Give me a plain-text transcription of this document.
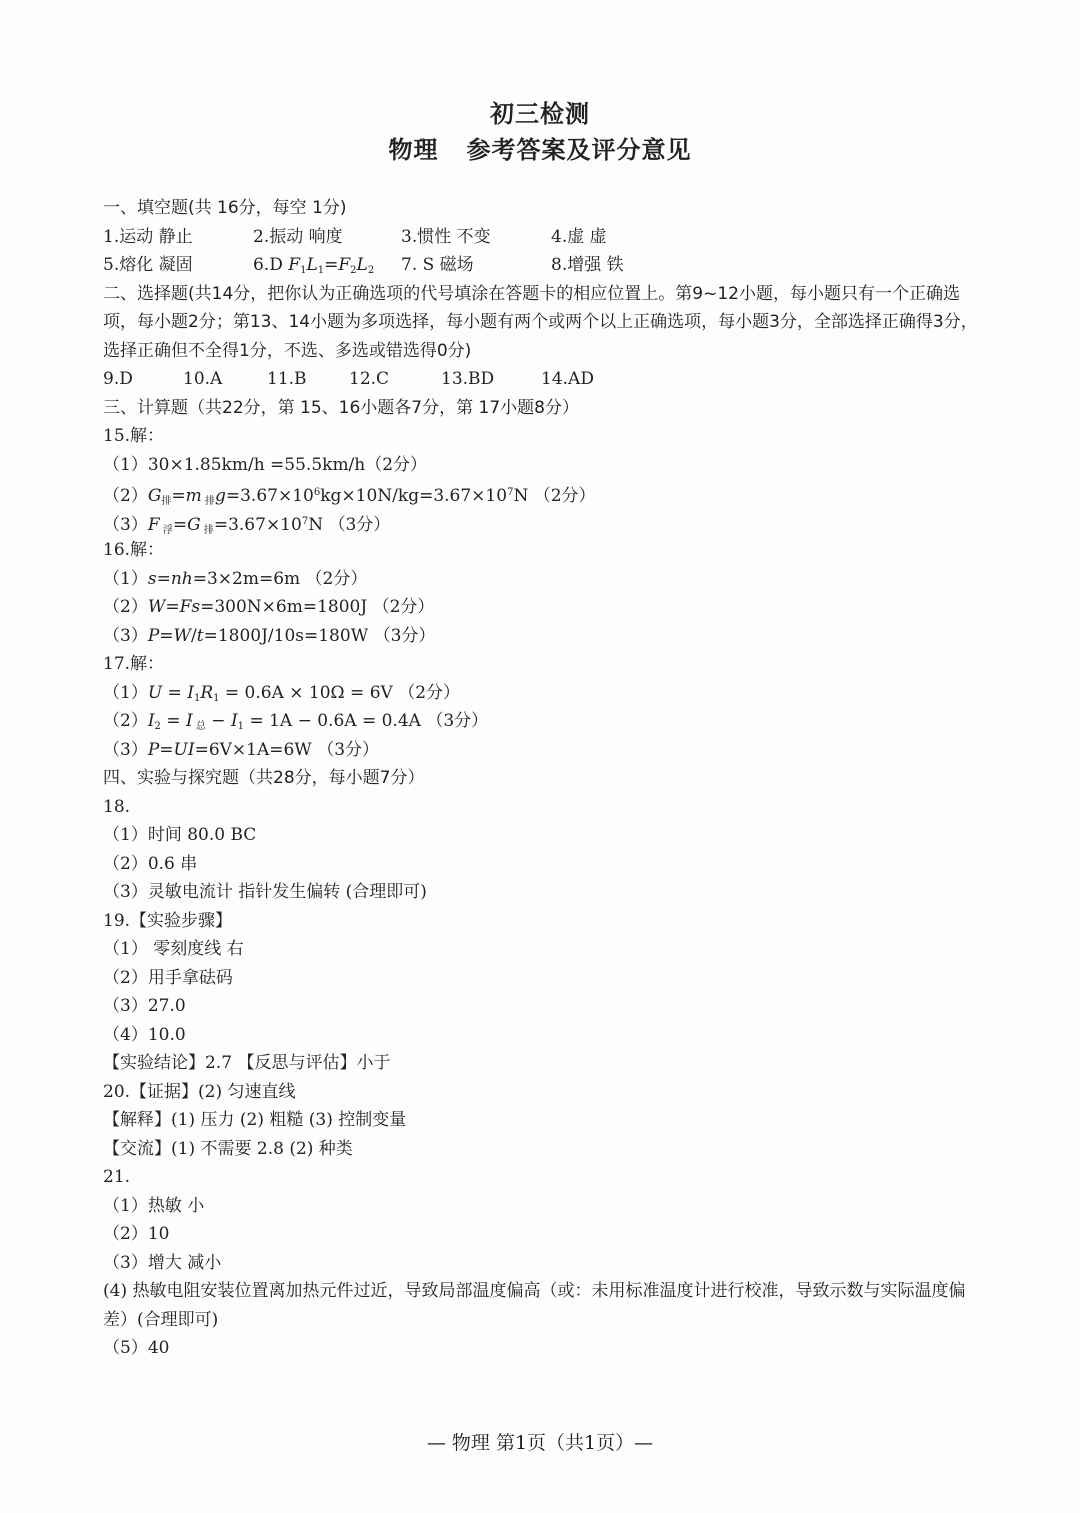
初三检测
物理 参考答案及评分意见
一、填空题(共 16分，每空 1分)
1.运动 静止	2.振动 响度	3.惯性 不变	4.虚 虚
5.熔化 凝固	6.D $F_1L_1=F_2L_2$ 7. S 磁场	8.增强 铁
二、选择题(共14分，把你认为正确选项的代号填涂在答题卡的相应位置上。第9~12小题，每小题只有一个正确选项，每小题2分；第13、14小题为多项选择，每小题有两个或两个以上正确选项，每小题3分，全部选择正确得3分，选择正确但不全得1分，不选、多选或错选得0分)
9.D	10.A	11.B 12.C	13.BD	14.AD
三、计算题（共22分，第 15、16小题各7分，第 17小题8分）
15.解：
（1）30×1.85km/h =55.5km/h（2分）
$(2)G_排=m$ $_排g=3.67\times 10^6kg\times 10N/kg=3.67\times 10^7N$ （2分）
（3）F $_浮$=G $_排=3.67\times 10^7N$ （3分）
16.解：
（1）s=nh=3×2m=6m （2分）
（2）W=Fs=300N×6m=1800J （2分）
（3）P=W/t=1800J/10s=180W （3分）
17.解：
$(1)U = I_1R_1 = 0.6A \times 10\Omega = 6V$ （2分）
$(2)I_2 = I$ $_总 - I_1 = 1A - 0.6A = 0.4A$ （3分）
（3）P=UI=6V×1A=6W （3分）
四、实验与探究题（共28分，每小题7分）
18.
（1）时间 80.0 BC
（2）0.6 串
（3）灵敏电流计 指针发生偏转 (合理即可)
19.【实验步骤】
（1） 零刻度线 右
（2）用手拿砝码
（3）27.0
（4）10.0
【实验结论】2.7 【反思与评估】小于
20.【证据】(2) 匀速直线
【解释】(1) 压力 (2) 粗糙 (3) 控制变量
【交流】(1) 不需要 2.8 (2) 种类
21.
（1）热敏 小
（2）10
（3）增大 减小
(4) 热敏电阻安装位置离加热元件过近，导致局部温度偏高（或：未用标准温度计进行校准，导致示数与实际温度偏差）(合理即可)
（5）40
— 物理 第1页（共1页）—
